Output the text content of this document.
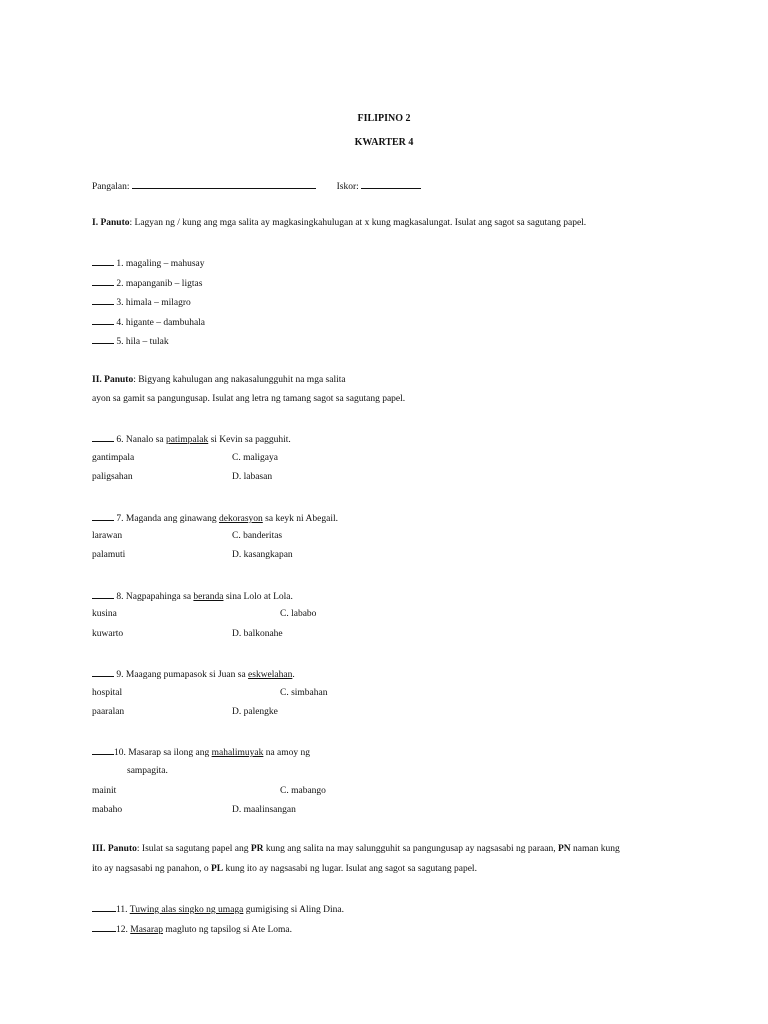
FILIPINO 2
KWARTER 4
Pangalan:	Iskor:
I. Panuto: Lagyan ng / kung ang mga salita ay magkasingkahulugan at x kung magkasalungat. Isulat ang sagot sa sagutang papel.
1. magaling – mahusay
2. mapanganib – ligtas
3. himala – milagro
4. higante – dambuhala
5. hila – tulak
II. Panuto: Bigyang kahulugan ang nakasalungguhit na mga salita
ayon sa gamit sa pangungusap. Isulat ang letra ng tamang sagot sa sagutang papel.
6. Nanalo sa patimpalak si Kevin sa pagguhit.
gantimpala	C. maligaya
paligsahan	D. labasan
7. Maganda ang ginawang dekorasyon sa keyk ni Abegail.
larawan	C. banderitas
palamuti	D. kasangkapan
8. Nagpapahinga sa beranda sina Lolo at Lola.
kusina	C. lababo
kuwarto	D. balkonahe
9. Maagang pumapasok si Juan sa eskwelahan.
hospital	C. simbahan
paaralan	D. palengke
10. Masarap sa ilong ang mahalimuyak na amoy ng
sampagita.
mainit	C. mabango
mabaho	D. maalinsangan
III. Panuto: Isulat sa sagutang papel ang PR kung ang salita na may salungguhit sa pangungusap ay nagsasabi ng paraan, PN naman kung
ito ay nagsasabi ng panahon, o PL kung ito ay nagsasabi ng lugar. Isulat ang sagot sa sagutang papel.
11. Tuwing alas singko ng umaga gumigising si Aling Dina.
12. Masarap magluto ng tapsilog si Ate Loma.
